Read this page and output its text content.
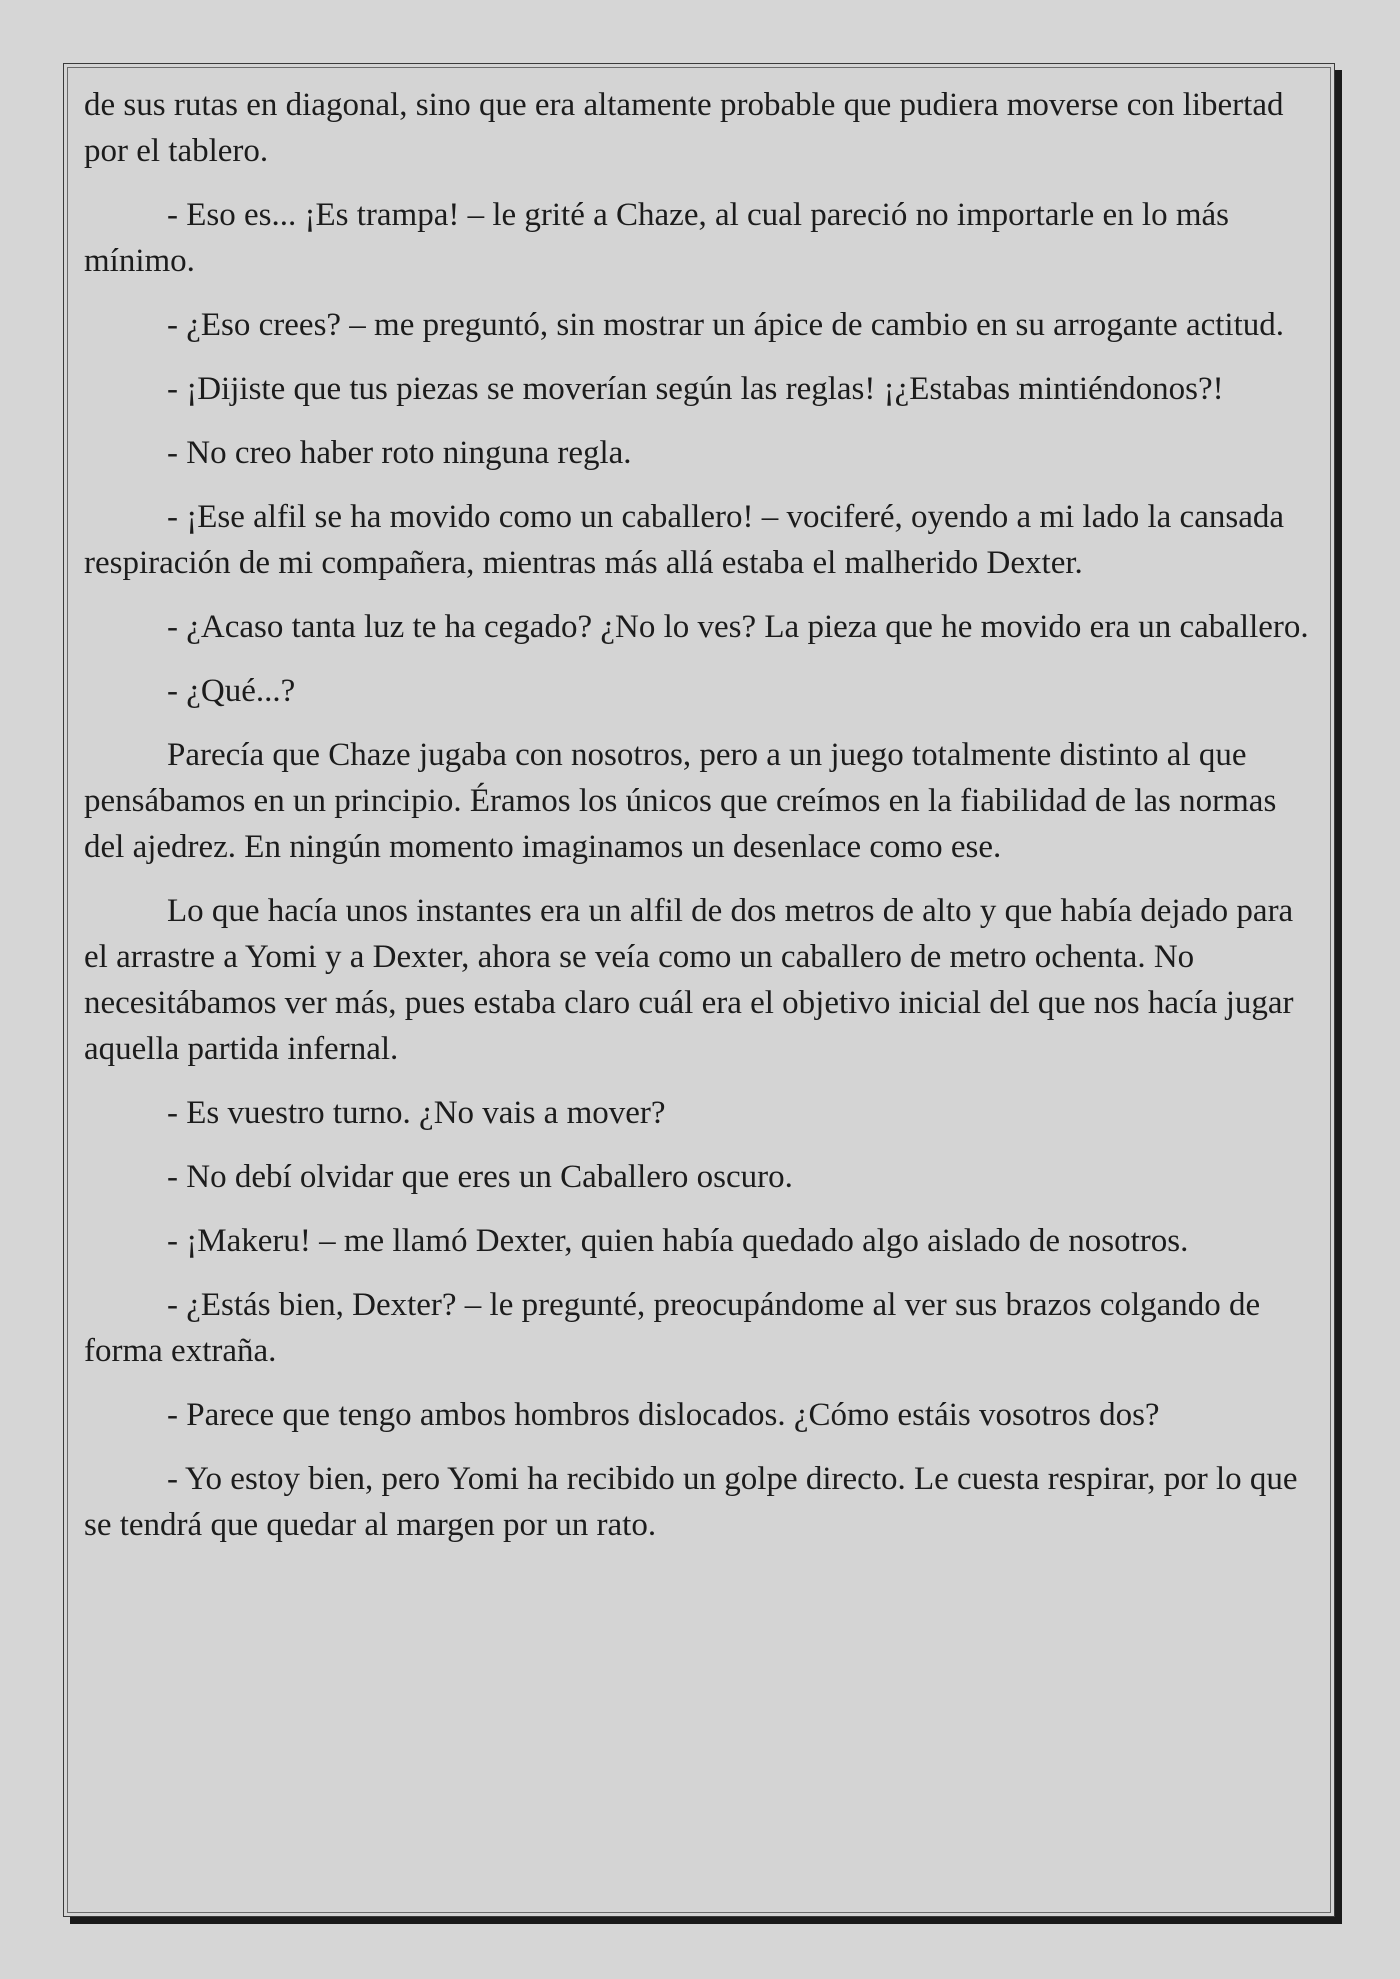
de sus rutas en diagonal, sino que era altamente probable que pudiera moverse con libertad por el tablero.

- Eso es... ¡Es trampa! – le grité a Chaze, al cual pareció no importarle en lo más mínimo.

- ¿Eso crees? – me preguntó, sin mostrar un ápice de cambio en su arrogante actitud.

- ¡Dijiste que tus piezas se moverían según las reglas! ¡¿Estabas mintiéndonos?!

- No creo haber roto ninguna regla.

- ¡Ese alfil se ha movido como un caballero! – vociferé, oyendo a mi lado la cansada respiración de mi compañera, mientras más allá estaba el malherido Dexter.

- ¿Acaso tanta luz te ha cegado? ¿No lo ves? La pieza que he movido era un caballero.

- ¿Qué...?

Parecía que Chaze jugaba con nosotros, pero a un juego totalmente distinto al que pensábamos en un principio. Éramos los únicos que creímos en la fiabilidad de las normas del ajedrez. En ningún momento imaginamos un desenlace como ese.

Lo que hacía unos instantes era un alfil de dos metros de alto y que había dejado para el arrastre a Yomi y a Dexter, ahora se veía como un caballero de metro ochenta. No necesitábamos ver más, pues estaba claro cuál era el objetivo inicial del que nos hacía jugar aquella partida infernal.

- Es vuestro turno. ¿No vais a mover?

- No debí olvidar que eres un Caballero oscuro.

- ¡Makeru! – me llamó Dexter, quien había quedado algo aislado de nosotros.

- ¿Estás bien, Dexter? – le pregunté, preocupándome al ver sus brazos colgando de forma extraña.

- Parece que tengo ambos hombros dislocados. ¿Cómo estáis vosotros dos?

- Yo estoy bien, pero Yomi ha recibido un golpe directo. Le cuesta respirar, por lo que se tendrá que quedar al margen por un rato.
